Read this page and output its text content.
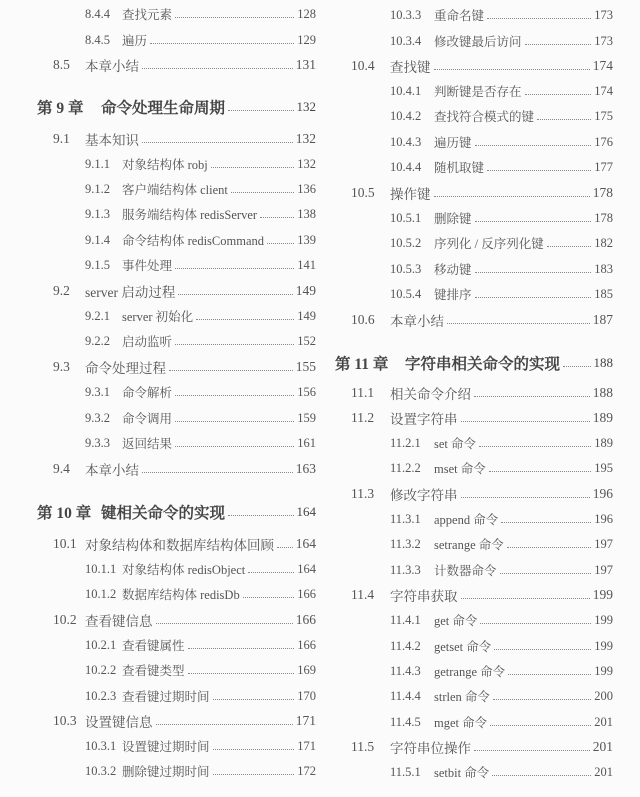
8.4.4 查找元素	128
8.4.5 遍历	129
8.5 本章小结	131
第 9 章 命令处理生命周期	132
9.1 基本知识	132
9.1.1 对象结构体 robj	132
9.1.2 客户端结构体 client	136
9.1.3 服务端结构体 redisServer	138
9.1.4 命令结构体 redisCommand	139
9.1.5 事件处理	141
9.2 server 启动过程	149
9.2.1 server 初始化	149
9.2.2 启动监听	152
9.3 命令处理过程	155
9.3.1 命令解析	156
9.3.2 命令调用	159
9.3.3 返回结果	161
9.4 本章小结	163
第 10 章 键相关命令的实现	164
10.1 对象结构体和数据库结构体回顾 164
10.1.1 对象结构体 redisObject	164
10.1.2 数据库结构体 redisDb	166
10.2 查看键信息	166
10.2.1 查看键属性	166
10.2.2 查看键类型	169
10.2.3 查看键过期时间	170
10.3 设置键信息	171
10.3.1 设置键过期时间	171
10.3.2 删除键过期时间	172
10.3.3 重命名键	173
10.3.4 修改键最后访问	173
10.4 查找键	174
10.4.1 判断键是否存在	174
10.4.2 查找符合模式的键	175
10.4.3 遍历键	176
10.4.4 随机取键	177
10.5 操作键	178
10.5.1 删除键	178
10.5.2 序列化 / 反序列化键	182
10.5.3 移动键	183
10.5.4 键排序	185
10.6 本章小结	187
第 11 章 字符串相关命令的实现	188
11.1 相关命令介绍	188
11.2 设置字符串	189
11.2.1 set 命令	189
11.2.2 mset 命令	195
11.3 修改字符串	196
11.3.1 append 命令	196
11.3.2 setrange 命令	197
11.3.3 计数器命令	197
11.4 字符串获取	199
11.4.1 get 命令	199
11.4.2 getset 命令	199
11.4.3 getrange 命令	199
11.4.4 strlen 命令	200
11.4.5 mget 命令	201
11.5 字符串位操作	201
11.5.1 setbit 命令	201
